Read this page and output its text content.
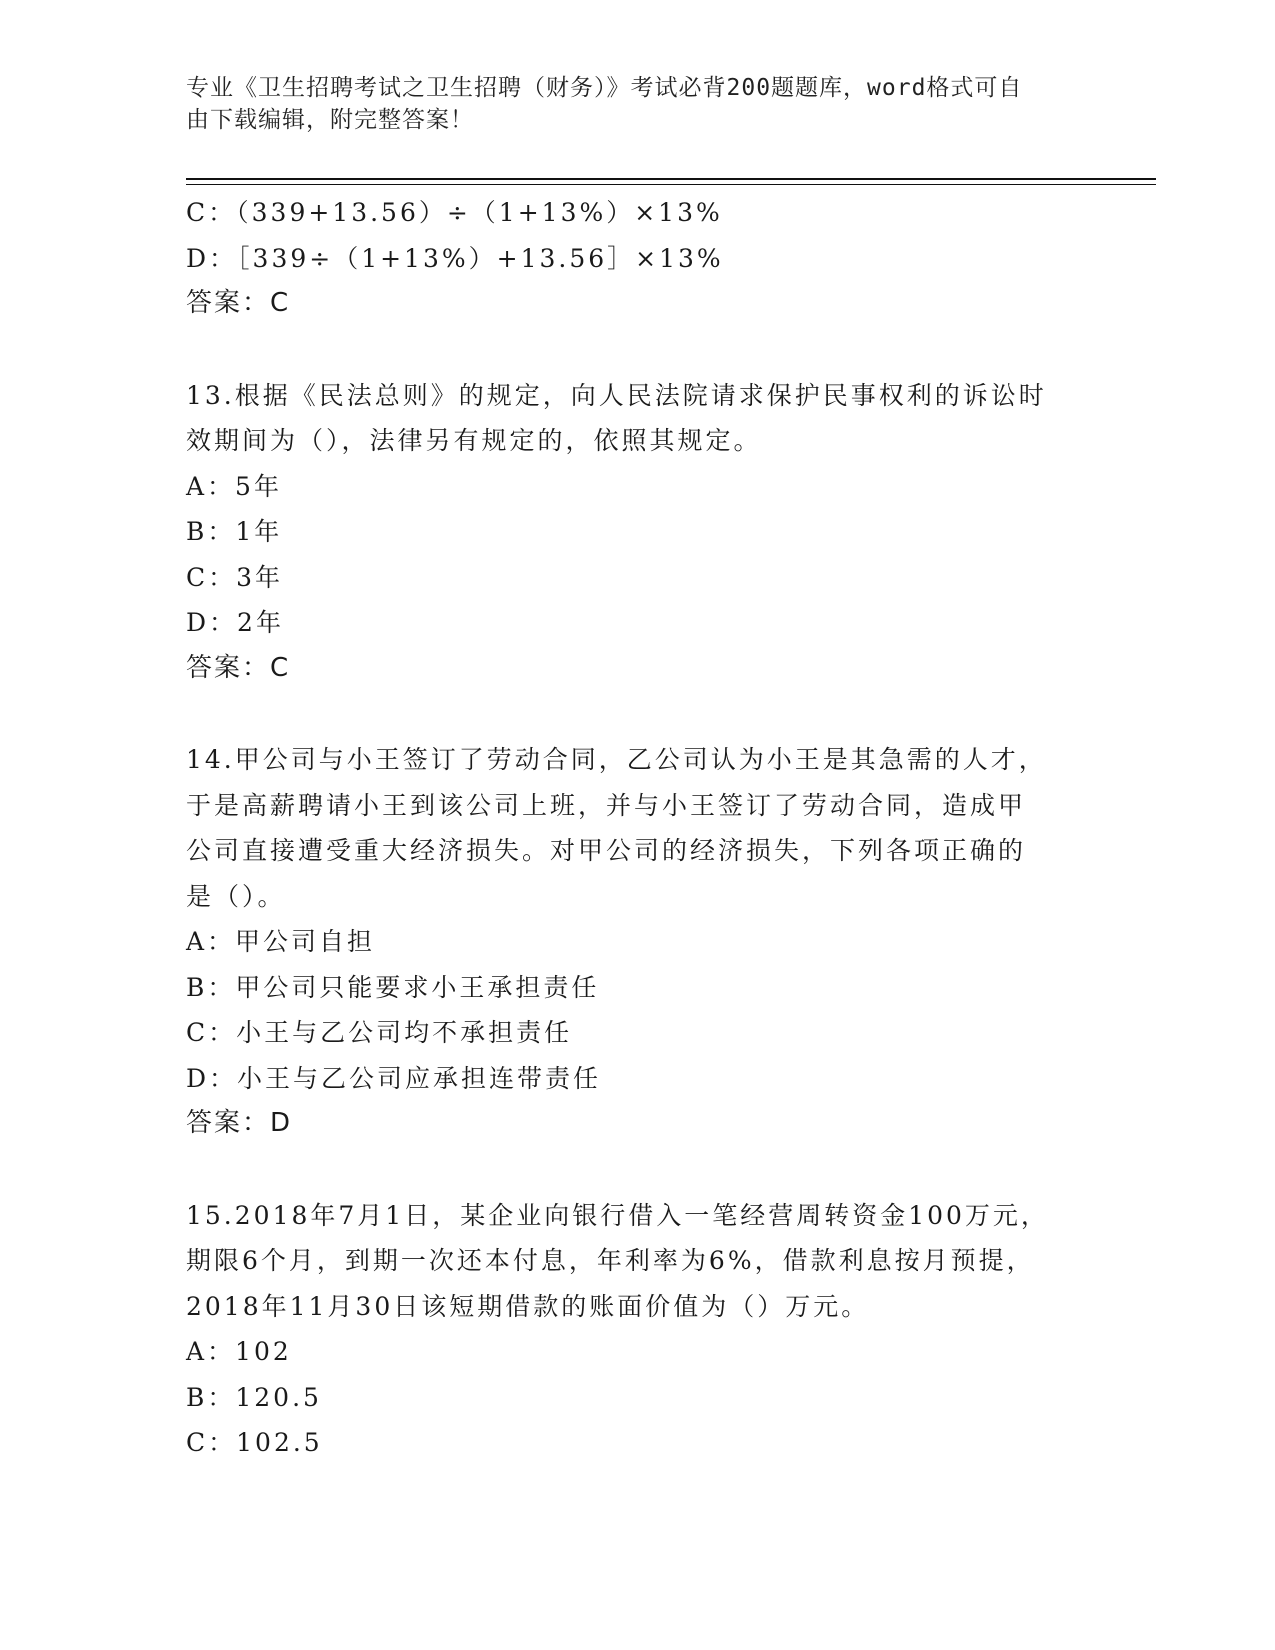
专业《卫生招聘考试之卫生招聘（财务）》考试必背200题题库，word格式可自
由下载编辑，附完整答案！
C：（339+13.56）÷（1+13%）×13%
D：［339÷（1+13%）+13.56］×13%
答案：C
13.根据《民法总则》的规定，向人民法院请求保护民事权利的诉讼时
效期间为（），法律另有规定的，依照其规定。
A：5年
B：1年
C：3年
D：2年
答案：C
14.甲公司与小王签订了劳动合同，乙公司认为小王是其急需的人才，
于是高薪聘请小王到该公司上班，并与小王签订了劳动合同，造成甲
公司直接遭受重大经济损失。对甲公司的经济损失，下列各项正确的
是（）。
A：甲公司自担
B：甲公司只能要求小王承担责任
C：小王与乙公司均不承担责任
D：小王与乙公司应承担连带责任
答案：D
15.2018年7月1日，某企业向银行借入一笔经营周转资金100万元，
期限6个月，到期一次还本付息，年利率为6%，借款利息按月预提，
2018年11月30日该短期借款的账面价值为（）万元。
A：102
B：120.5
C：102.5
